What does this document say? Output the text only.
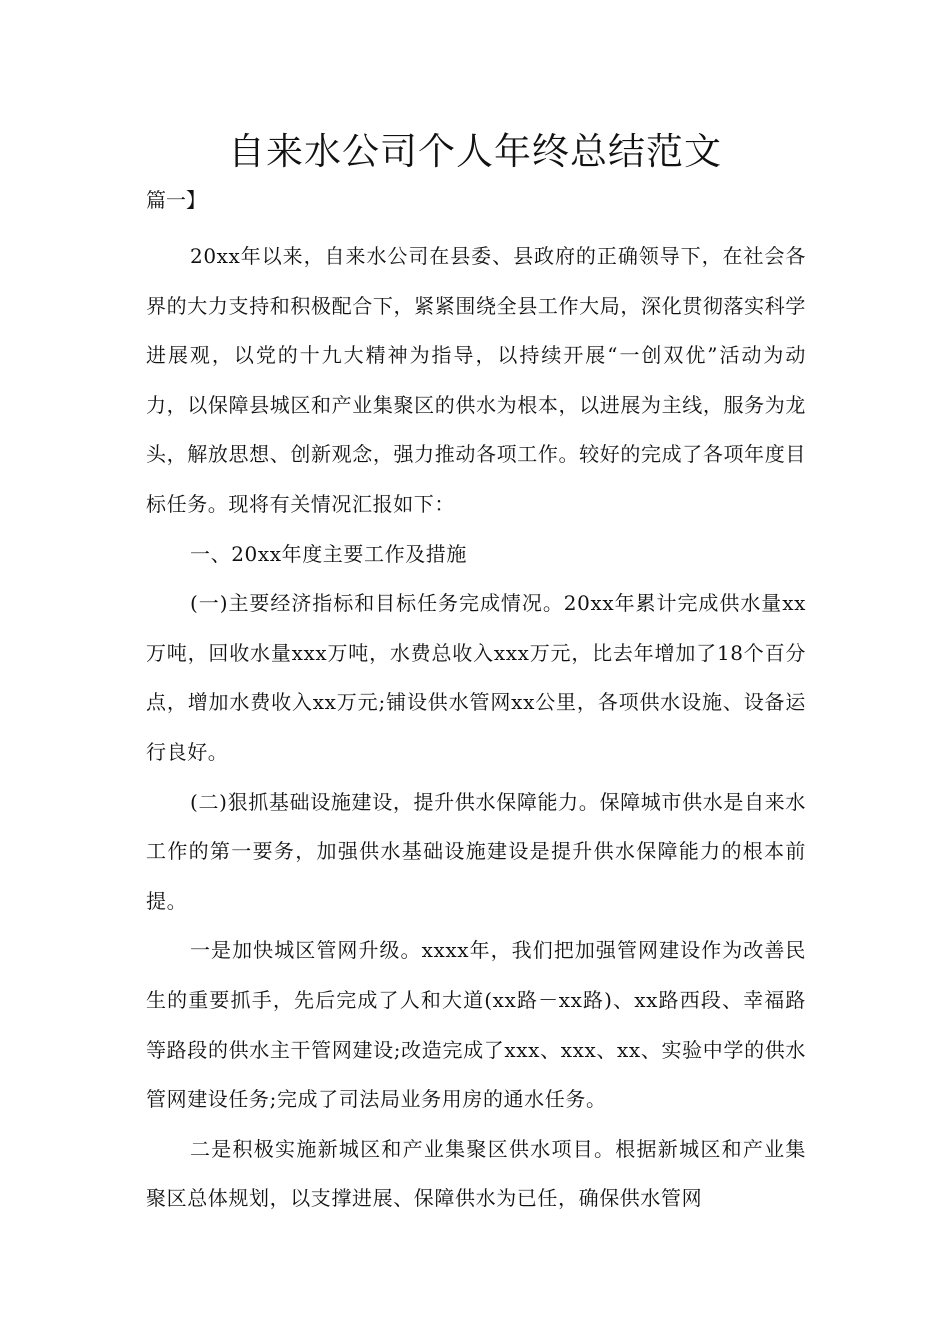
自来水公司个人年终总结范文

篇一】

20xx年以来，自来水公司在县委、县政府的正确领导下，在社会各界的大力支持和积极配合下，紧紧围绕全县工作大局，深化贯彻落实科学进展观，以党的十九大精神为指导，以持续开展“一创双优”活动为动力，以保障县城区和产业集聚区的供水为根本，以进展为主线，服务为龙头，解放思想、创新观念，强力推动各项工作。较好的完成了各项年度目标任务。现将有关情况汇报如下：

一、20xx年度主要工作及措施

(一)主要经济指标和目标任务完成情况。20xx年累计完成供水量xx万吨，回收水量xxx万吨，水费总收入xxx万元，比去年增加了18个百分点，增加水费收入xx万元;铺设供水管网xx公里，各项供水设施、设备运行良好。

(二)狠抓基础设施建设，提升供水保障能力。保障城市供水是自来水工作的第一要务，加强供水基础设施建设是提升供水保障能力的根本前提。

一是加快城区管网升级。xxxx年，我们把加强管网建设作为改善民生的重要抓手，先后完成了人和大道(xx路－xx路)、xx路西段、幸福路等路段的供水主干管网建设;改造完成了xxx、xxx、xx、实验中学的供水管网建设任务;完成了司法局业务用房的通水任务。

二是积极实施新城区和产业集聚区供水项目。根据新城区和产业集聚区总体规划，以支撑进展、保障供水为已任，确保供水管网
